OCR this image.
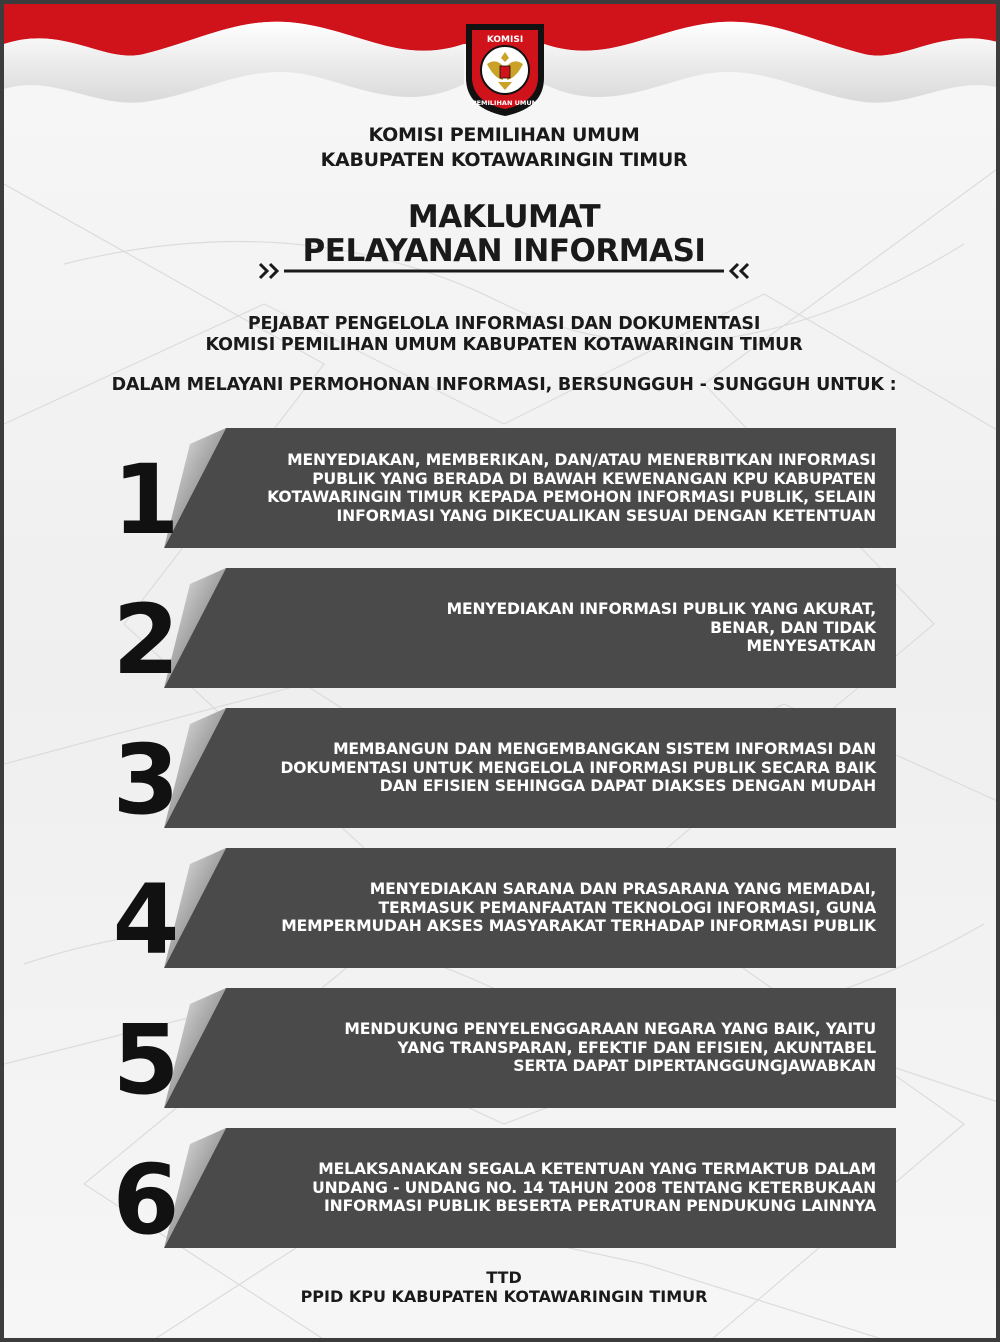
KOMISI
PEMILIHAN UMUM
KOMISI PEMILIHAN UMUM
KABUPATEN KOTAWARINGIN TIMUR
MAKLUMAT
PELAYANAN INFORMASI
PEJABAT PENGELOLA INFORMASI DAN DOKUMENTASI
KOMISI PEMILIHAN UMUM KABUPATEN KOTAWARINGIN TIMUR
DALAM MELAYANI PERMOHONAN INFORMASI, BERSUNGGUH - SUNGGUH UNTUK :
1	MENYEDIAKAN, MEMBERIKAN, DAN/ATAU MENERBITKAN INFORMASI
PUBLIK YANG BERADA DI BAWAH KEWENANGAN KPU KABUPATEN
KOTAWARINGIN TIMUR KEPADA PEMOHON INFORMASI PUBLIK, SELAIN
INFORMASI YANG DIKECUALIKAN SESUAI DENGAN KETENTUAN
2	MENYEDIAKAN INFORMASI PUBLIK YANG AKURAT,
BENAR, DAN TIDAK
MENYESATKAN
3	MEMBANGUN DAN MENGEMBANGKAN SISTEM INFORMASI DAN
DOKUMENTASI UNTUK MENGELOLA INFORMASI PUBLIK SECARA BAIK
DAN EFISIEN SEHINGGA DAPAT DIAKSES DENGAN MUDAH
4	MENYEDIAKAN SARANA DAN PRASARANA YANG MEMADAI,
TERMASUK PEMANFAATAN TEKNOLOGI INFORMASI, GUNA
MEMPERMUDAH AKSES MASYARAKAT TERHADAP INFORMASI PUBLIK
5	MENDUKUNG PENYELENGGARAAN NEGARA YANG BAIK, YAITU
YANG TRANSPARAN, EFEKTIF DAN EFISIEN, AKUNTABEL
SERTA DAPAT DIPERTANGGUNGJAWABKAN
6	MELAKSANAKAN SEGALA KETENTUAN YANG TERMAKTUB DALAM
UNDANG - UNDANG NO. 14 TAHUN 2008 TENTANG KETERBUKAAN
INFORMASI PUBLIK BESERTA PERATURAN PENDUKUNG LAINNYA
TTD
PPID KPU KABUPATEN KOTAWARINGIN TIMUR
